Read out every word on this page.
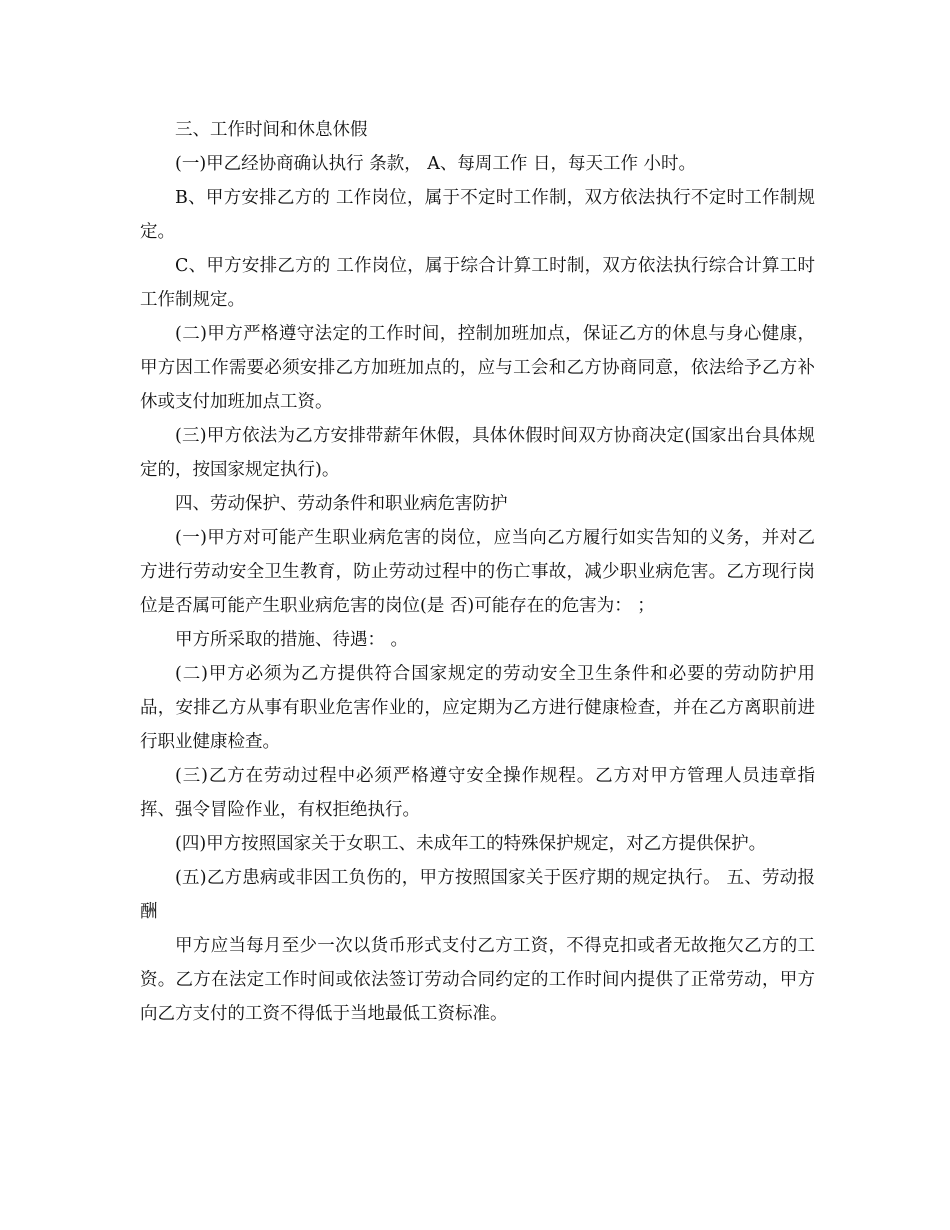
三、工作时间和休息休假

(一)甲乙经协商确认执行 条款， A、每周工作 日，每天工作 小时。

B、甲方安排乙方的 工作岗位，属于不定时工作制，双方依法执行不定时工作制规定。

C、甲方安排乙方的 工作岗位，属于综合计算工时制，双方依法执行综合计算工时工作制规定。

(二)甲方严格遵守法定的工作时间，控制加班加点，保证乙方的休息与身心健康，甲方因工作需要必须安排乙方加班加点的，应与工会和乙方协商同意，依法给予乙方补休或支付加班加点工资。

(三)甲方依法为乙方安排带薪年休假，具体休假时间双方协商决定(国家出台具体规定的，按国家规定执行)。

四、劳动保护、劳动条件和职业病危害防护

(一)甲方对可能产生职业病危害的岗位，应当向乙方履行如实告知的义务，并对乙方进行劳动安全卫生教育，防止劳动过程中的伤亡事故，减少职业病危害。乙方现行岗位是否属可能产生职业病危害的岗位(是 否)可能存在的危害为： ；

甲方所采取的措施、待遇： 。

(二)甲方必须为乙方提供符合国家规定的劳动安全卫生条件和必要的劳动防护用品，安排乙方从事有职业危害作业的，应定期为乙方进行健康检查，并在乙方离职前进行职业健康检查。

(三)乙方在劳动过程中必须严格遵守安全操作规程。乙方对甲方管理人员违章指挥、强令冒险作业，有权拒绝执行。

(四)甲方按照国家关于女职工、未成年工的特殊保护规定，对乙方提供保护。

(五)乙方患病或非因工负伤的，甲方按照国家关于医疗期的规定执行。 五、劳动报酬

甲方应当每月至少一次以货币形式支付乙方工资，不得克扣或者无故拖欠乙方的工资。乙方在法定工作时间或依法签订劳动合同约定的工作时间内提供了正常劳动，甲方向乙方支付的工资不得低于当地最低工资标准。
